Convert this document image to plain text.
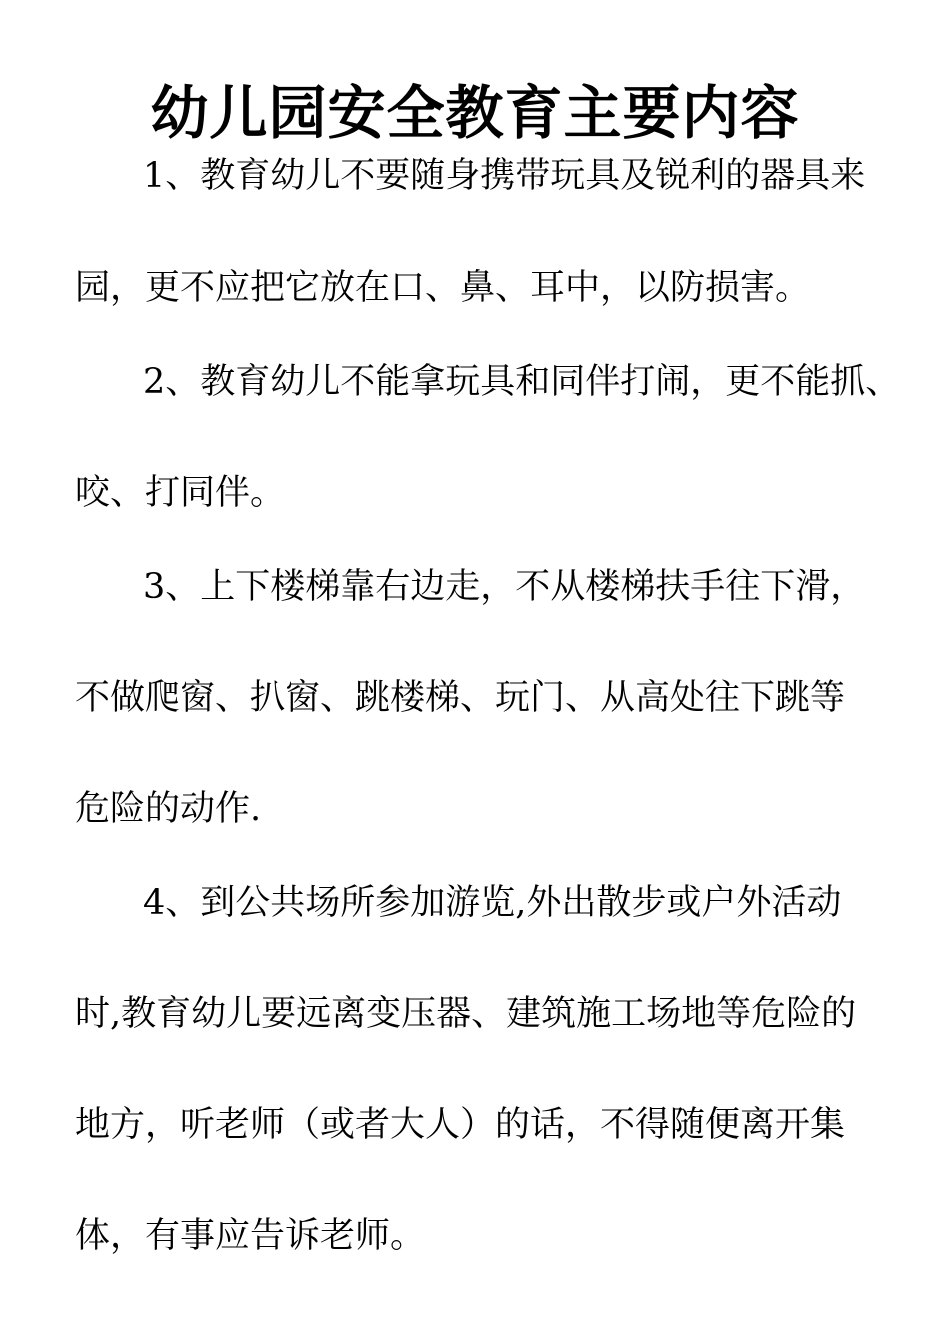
幼儿园安全教育主要内容
1、教育幼儿不要随身携带玩具及锐利的器具来
园，更不应把它放在口、鼻、耳中，以防损害。
2、教育幼儿不能拿玩具和同伴打闹，更不能抓、
咬、打同伴。
3、上下楼梯靠右边走，不从楼梯扶手往下滑，
不做爬窗、扒窗、跳楼梯、玩门、从高处往下跳等
危险的动作.
4、到公共场所参加游览,外出散步或户外活动
时,教育幼儿要远离变压器、建筑施工场地等危险的
地方，听老师（或者大人）的话，不得随便离开集
体，有事应告诉老师。
